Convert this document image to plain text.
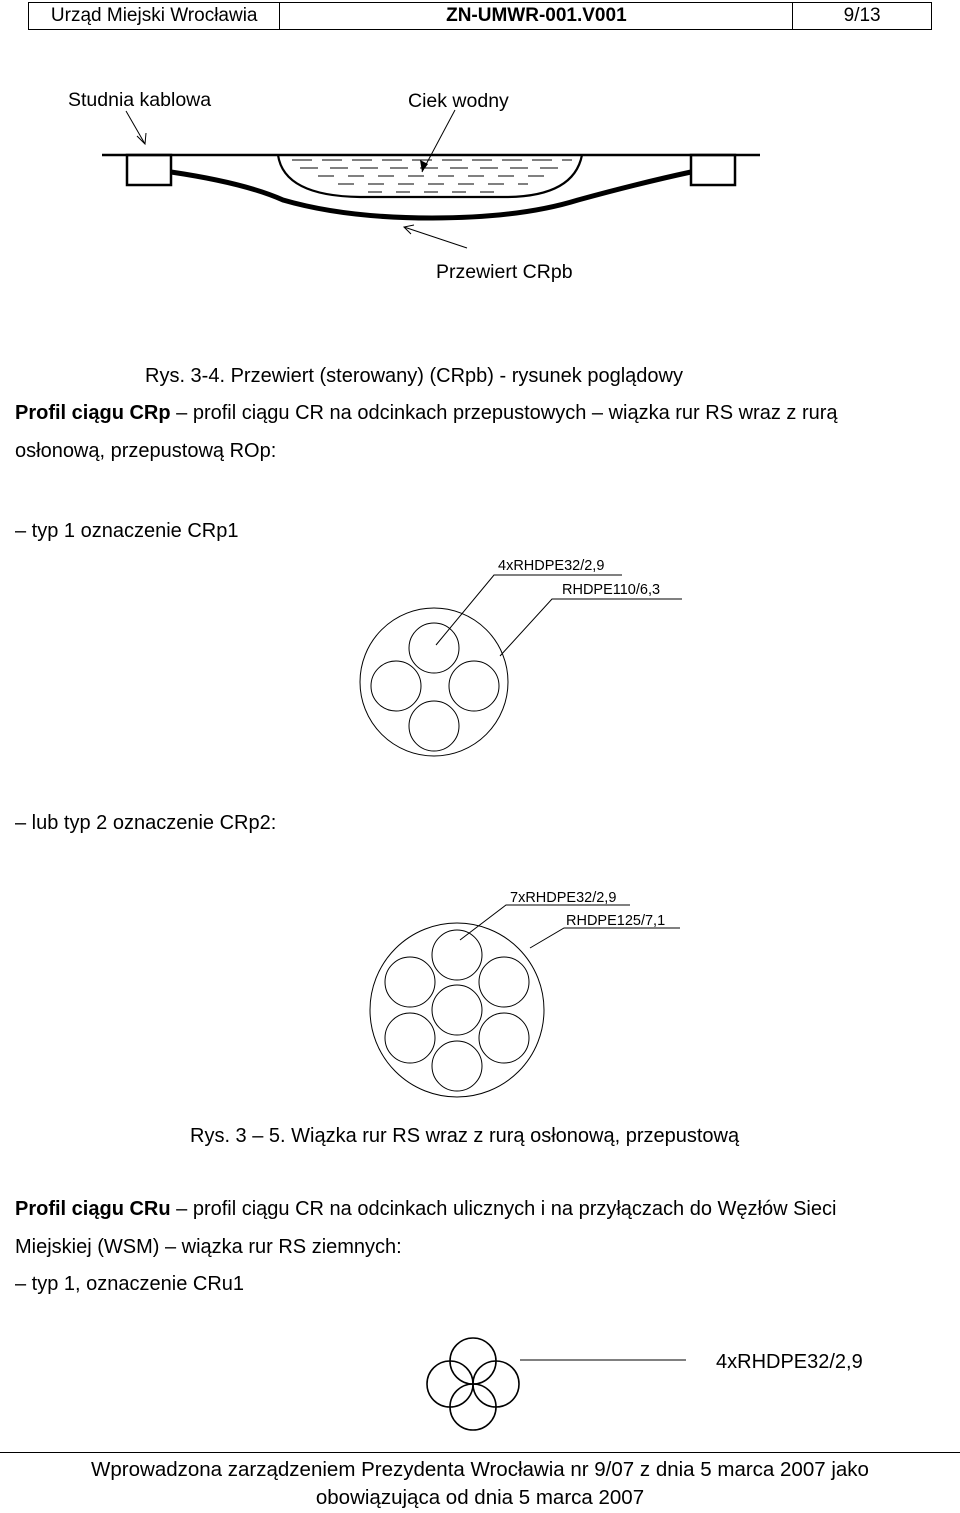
Urząd Miejski Wrocławia	ZN-UMWR-001.V001	9/13
Studnia kablowa	Ciek wodny
Przewiert CRpb
Rys. 3-4. Przewiert (sterowany) (CRpb) - rysunek poglądowy
Profil ciągu CRp – profil ciągu CR na odcinkach przepustowych – wiązka rur RS wraz z rurą
osłonową, przepustową ROp:
– typ 1 oznaczenie CRp1
4xRHDPE32/2,9
RHDPE110/6,3
– lub typ 2 oznaczenie CRp2:
7xRHDPE32/2,9
RHDPE125/7,1
Rys. 3 – 5. Wiązka rur RS wraz z rurą osłonową, przepustową
Profil ciągu CRu – profil ciągu CR na odcinkach ulicznych i na przyłączach do Węzłów Sieci
Miejskiej (WSM) – wiązka rur RS ziemnych:
– typ 1, oznaczenie CRu1
4xRHDPE32/2,9
Wprowadzona zarządzeniem Prezydenta Wrocławia nr 9/07 z dnia 5 marca 2007 jako
obowiązująca od dnia 5 marca 2007
